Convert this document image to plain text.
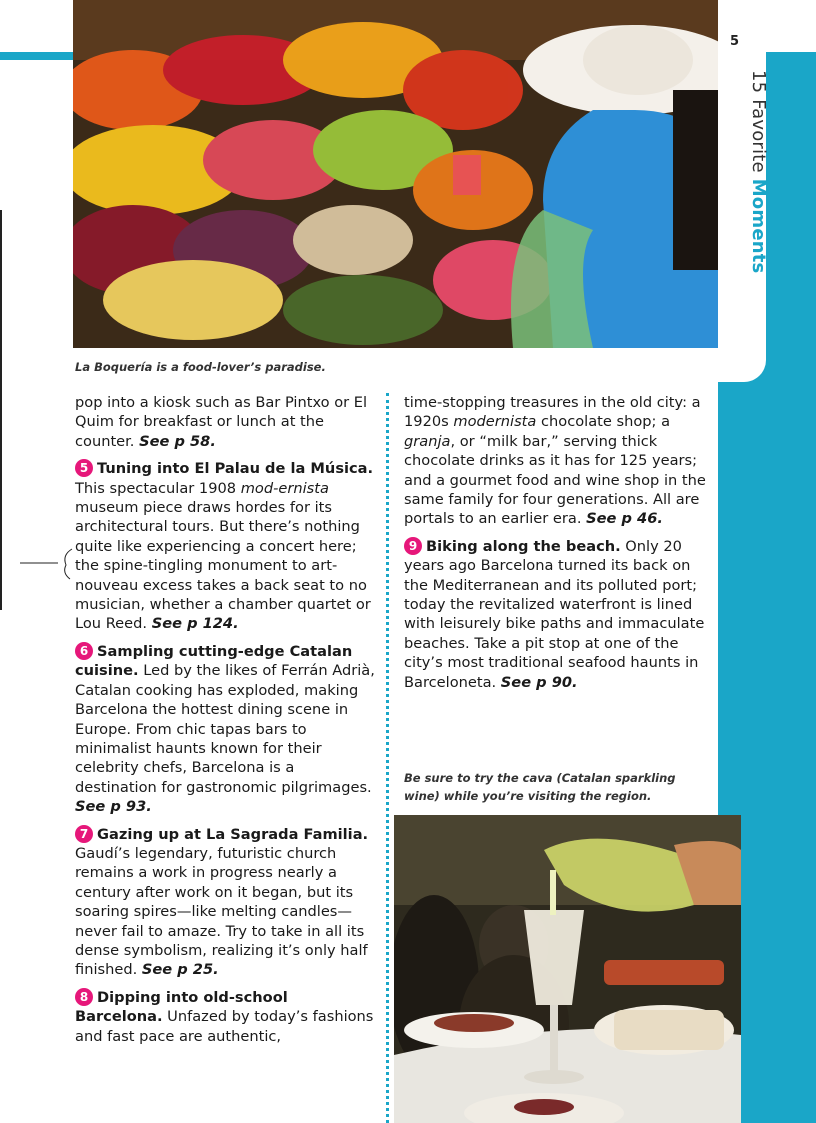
5
15 Favorite Moments
La Boquería is a food-lover’s paradise.

pop into a kiosk such as Bar Pintxo or El Quim for breakfast or lunch at the counter. See p 58.

5 Tuning into El Palau de la Música. This spectacular 1908 mod-ernista museum piece draws hordes for its architectural tours. But there’s nothing quite like experiencing a concert here; the spine-tingling monument to art-nouveau excess takes a back seat to no musician, whether a chamber quartet or Lou Reed. See p 124.

6 Sampling cutting-edge Catalan cuisine. Led by the likes of Ferrán Adrià, Catalan cooking has exploded, making Barcelona the hottest dining scene in Europe. From chic tapas bars to minimalist haunts known for their celebrity chefs, Barcelona is a destination for gastronomic pilgrimages. See p 93.

7 Gazing up at La Sagrada Familia. Gaudí’s legendary, futuristic church remains a work in progress nearly a century after work on it began, but its soaring spires—like melting candles—never fail to amaze. Try to take in all its dense symbolism, realizing it’s only half finished. See p 25.

8 Dipping into old-school Barcelona. Unfazed by today’s fashions and fast pace are authentic,

time-stopping treasures in the old city: a 1920s modernista chocolate shop; a granja, or “milk bar,” serving thick chocolate drinks as it has for 125 years; and a gourmet food and wine shop in the same family for four generations. All are portals to an earlier era. See p 46.

9 Biking along the beach. Only 20 years ago Barcelona turned its back on the Mediterranean and its polluted port; today the revitalized waterfront is lined with leisurely bike paths and immaculate beaches. Take a pit stop at one of the city’s most traditional seafood haunts in Barceloneta. See p 90.

Be sure to try the cava (Catalan sparkling wine) while you’re visiting the region.
